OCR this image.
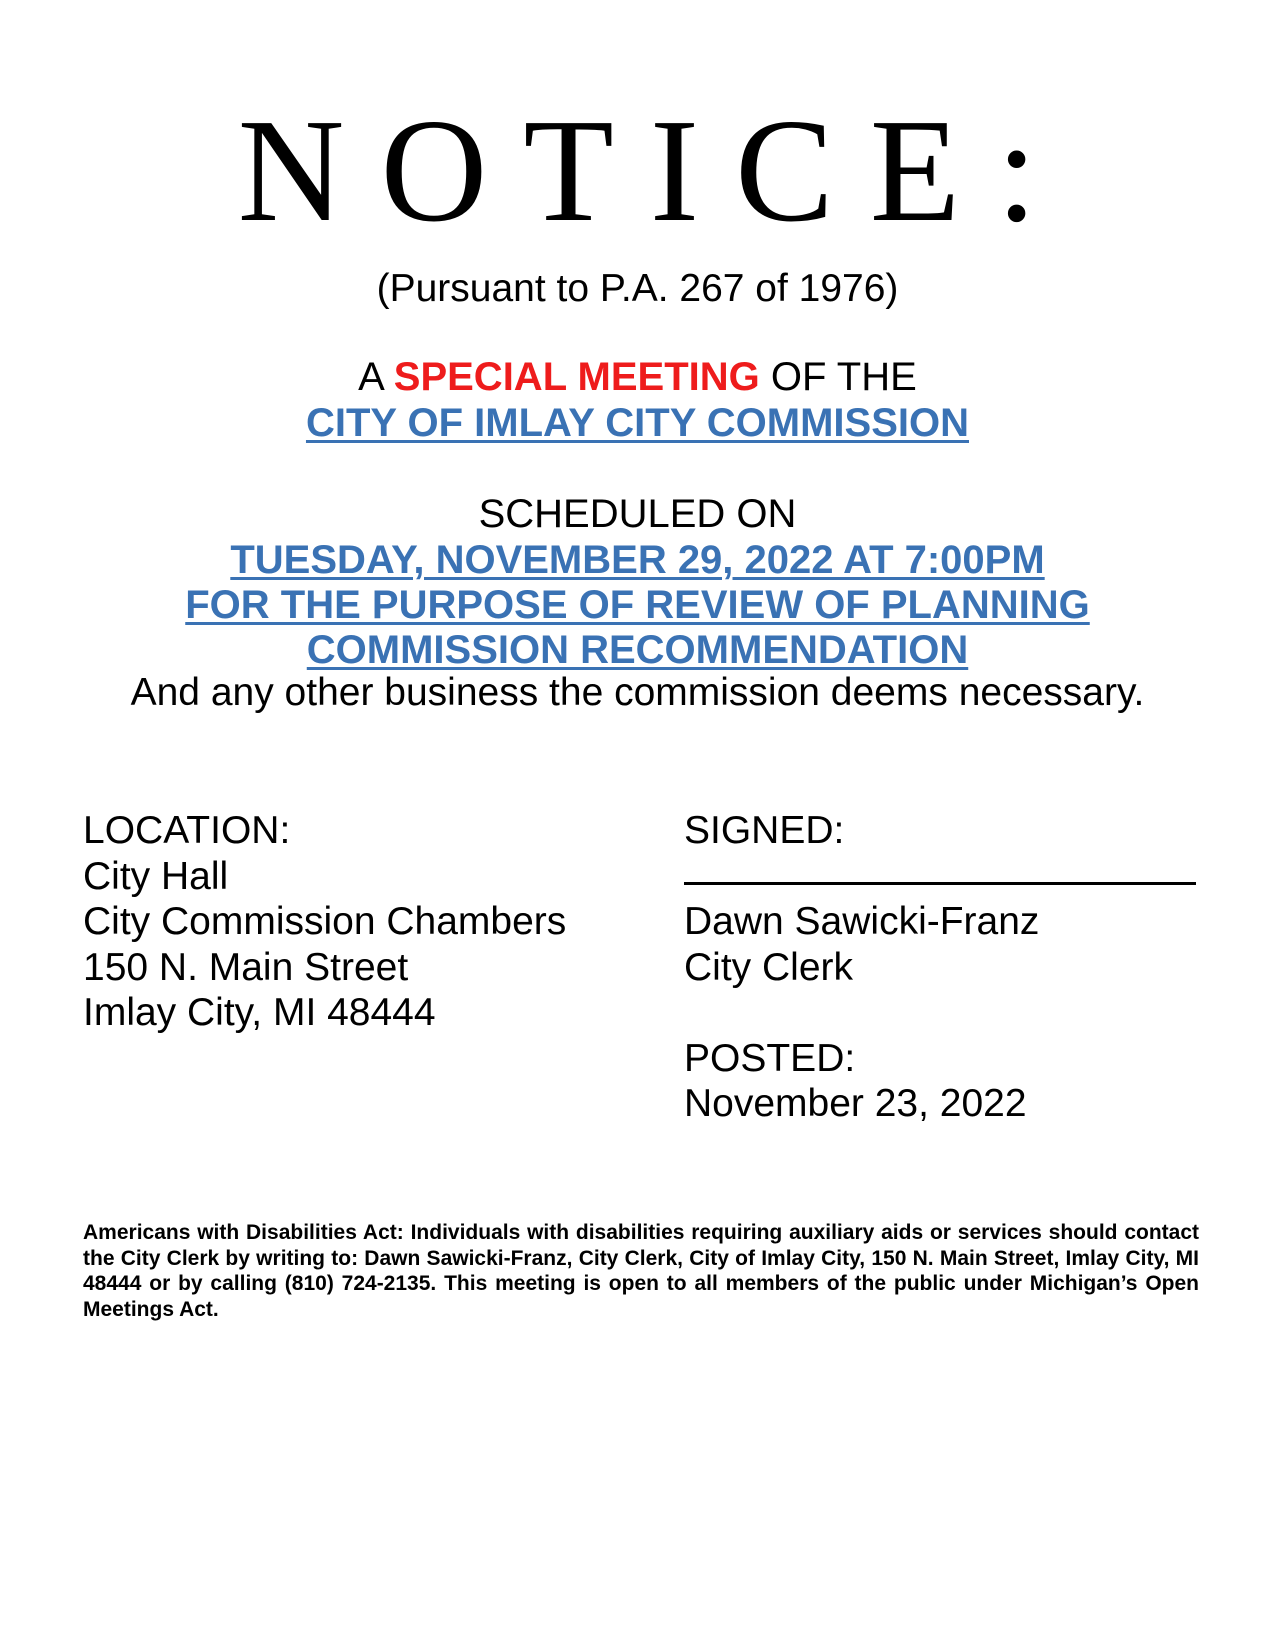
NOTICE:
(Pursuant to P.A. 267 of 1976)
A SPECIAL MEETING OF THE
CITY OF IMLAY CITY COMMISSION
SCHEDULED ON
TUESDAY, NOVEMBER 29, 2022 AT 7:00PM
FOR THE PURPOSE OF REVIEW OF PLANNING
COMMISSION RECOMMENDATION
And any other business the commission deems necessary.
LOCATION:
City Hall
City Commission Chambers
150 N. Main Street
Imlay City, MI 48444
SIGNED:
Dawn Sawicki-Franz
City Clerk
POSTED:
November 23, 2022
Americans with Disabilities Act: Individuals with disabilities requiring auxiliary aids or services should contact the City Clerk by writing to: Dawn Sawicki-Franz, City Clerk, City of Imlay City, 150 N. Main Street, Imlay City, MI 48444 or by calling (810) 724-2135. This meeting is open to all members of the public under Michigan’s Open Meetings Act.
